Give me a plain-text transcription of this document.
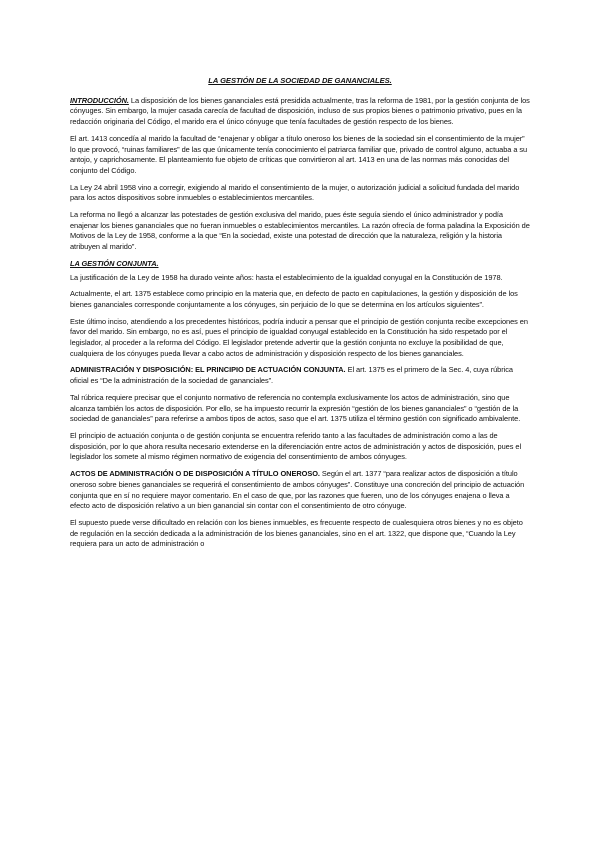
LA GESTIÓN DE LA SOCIEDAD DE GANANCIALES.

INTRODUCCIÓN. La disposición de los bienes gananciales está presidida actualmente, tras la reforma de 1981, por la gestión conjunta de los cónyuges. Sin embargo, la mujer casada carecía de facultad de disposición, incluso de sus propios bienes o patrimonio privativo, pues en la redacción originaria del Código, el marido era el único cónyuge que tenía facultades de gestión respecto de los bienes.

El art. 1413 concedía al marido la facultad de “enajenar y obligar a título oneroso los bienes de la sociedad sin el consentimiento de la mujer” lo que provocó, “ruinas familiares” de las que únicamente tenía conocimiento el patriarca familiar que, privado de control alguno, actuaba a su antojo, y caprichosamente. El planteamiento fue objeto de críticas que convirtieron al art. 1413 en una de las normas más conocidas del conjunto del Código.

La Ley 24 abril 1958 vino a corregir, exigiendo al marido el consentimiento de la mujer, o autorización judicial a solicitud fundada del marido para los actos dispositivos sobre inmuebles o establecimientos mercantiles.

La reforma no llegó a alcanzar las potestades de gestión exclusiva del marido, pues éste seguía siendo el único administrador y podía enajenar los bienes gananciales que no fueran inmuebles o establecimientos mercantiles. La razón ofrecía de forma paladina la Exposición de Motivos de la Ley de 1958, conforme a la que “En la sociedad, existe una potestad de dirección que la naturaleza, religión y la historia atribuyen al marido”.

LA GESTIÓN CONJUNTA.

La justificación de la Ley de 1958 ha durado veinte años: hasta el establecimiento de la igualdad conyugal en la Constitución de 1978.

Actualmente, el art. 1375 establece como principio en la materia que, en defecto de pacto en capitulaciones, la gestión y disposición de los bienes gananciales corresponde conjuntamente a los cónyuges, sin perjuicio de lo que se determina en los artículos siguientes”.

Este último inciso, atendiendo a los precedentes históricos, podría inducir a pensar que el principio de gestión conjunta recibe excepciones en favor del marido. Sin embargo, no es así, pues el principio de igualdad conyugal establecido en la Constitución ha sido respetado por el legislador, al proceder a la reforma del Código. El legislador pretende advertir que la gestión conjunta no excluye la posibilidad de que, cualquiera de los cónyuges pueda llevar a cabo actos de administración y disposición respecto de los bienes gananciales.

ADMINISTRACIÓN Y DISPOSICIÓN: EL PRINCIPIO DE ACTUACIÓN CONJUNTA. El art. 1375 es el primero de la Sec. 4, cuya rúbrica oficial es “De la administración de la sociedad de gananciales”.

Tal rúbrica requiere precisar que el conjunto normativo de referencia no contempla exclusivamente los actos de administración, sino que alcanza también los actos de disposición. Por ello, se ha impuesto recurrir la expresión “gestión de los bienes gananciales” o “gestión de la sociedad de gananciales” para referirse a ambos tipos de actos, saso que el art. 1375 utiliza el término gestión con significado ambivalente.

El principio de actuación conjunta o de gestión conjunta se encuentra referido tanto a las facultades de administración como a las de disposición, por lo que ahora resulta necesario extenderse en la diferenciación entre actos de administración y actos de disposición, pues el legislador los somete al mismo régimen normativo de exigencia del consentimiento de ambos cónyuges.

ACTOS DE ADMINISTRACIÓN O DE DISPOSICIÓN A TÍTULO ONEROSO. Según el art. 1377 “para realizar actos de disposición a título oneroso sobre bienes gananciales se requerirá el consentimiento de ambos cónyuges”. Constituye una concreción del principio de actuación conjunta que en sí no requiere mayor comentario. En el caso de que, por las razones que fueren, uno de los cónyuges enajena o lleva a efecto acto de disposición relativo a un bien ganancial sin contar con el consentimiento de otro cónyuge.

El supuesto puede verse dificultado en relación con los bienes inmuebles, es frecuente respecto de cualesquiera otros bienes y no es objeto de regulación en la sección dedicada a la administración de los bienes gananciales, sino en el art. 1322, que dispone que, “Cuando la Ley requiera para un acto de administración o
